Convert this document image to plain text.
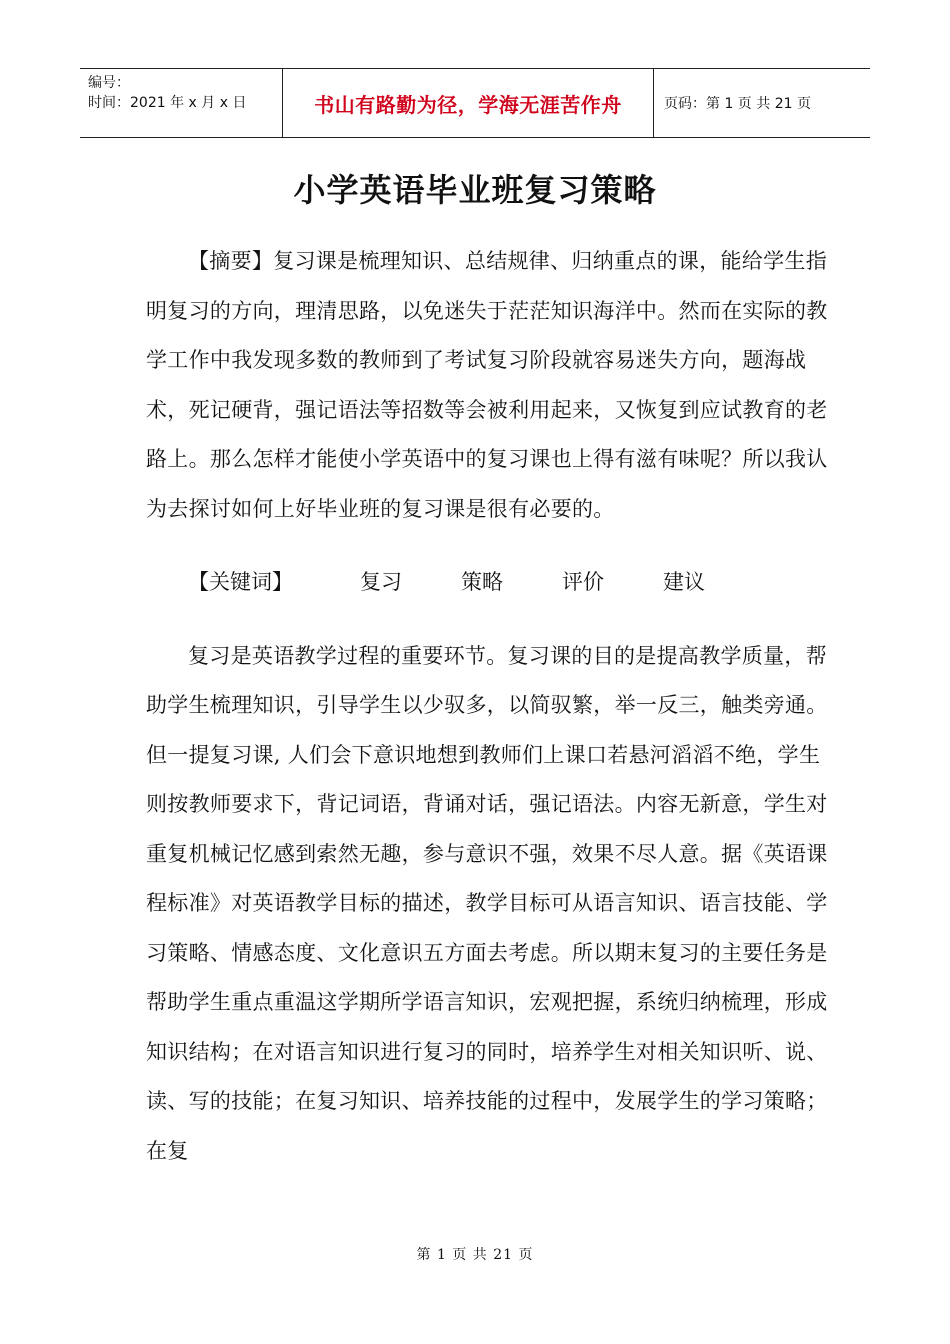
编号：
时间：2021 年 x 月 x 日	书山有路勤为径，学海无涯苦作舟	页码：第 1 页 共 21 页
小学英语毕业班复习策略

【摘要】复习课是梳理知识、总结规律、归纳重点的课，能给学生指明复习的方向，理清思路，以免迷失于茫茫知识海洋中。然而在实际的教学工作中我发现多数的教师到了考试复习阶段就容易迷失方向，题海战术，死记硬背，强记语法等招数等会被利用起来，又恢复到应试教育的老路上。那么怎样才能使小学英语中的复习课也上得有滋有味呢？所以我认为去探讨如何上好毕业班的复习课是很有必要的。

【关键词】	复习	策略	评价	建议

复习是英语教学过程的重要环节。复习课的目的是提高教学质量，帮助学生梳理知识，引导学生以少驭多，以简驭繁，举一反三，触类旁通。但一提复习课, 人们会下意识地想到教师们上课口若悬河滔滔不绝，学生则按教师要求下，背记词语，背诵对话，强记语法。内容无新意，学生对重复机械记忆感到索然无趣，参与意识不强，效果不尽人意。据《英语课程标准》对英语教学目标的描述，教学目标可从语言知识、语言技能、学习策略、情感态度、文化意识五方面去考虑。所以期末复习的主要任务是帮助学生重点重温这学期所学语言知识，宏观把握，系统归纳梳理，形成知识结构；在对语言知识进行复习的同时，培养学生对相关知识听、说、读、写的技能；在复习知识、培养技能的过程中，发展学生的学习策略；在复

第 1 页 共 21 页
